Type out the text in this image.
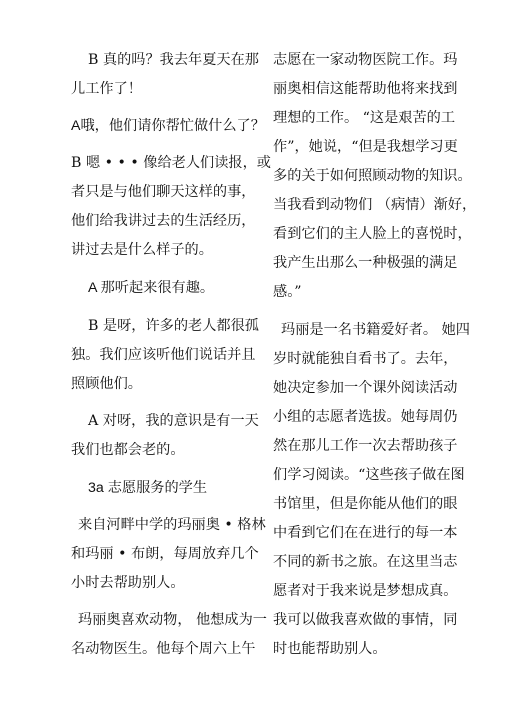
B 真的吗？我去年夏天在那
儿工作了！
A哦，他们请你帮忙做什么了？
B 嗯 • • • 像给老人们读报，或
者只是与他们聊天这样的事，
他们给我讲过去的生活经历，
讲过去是什么样子的。
A 那听起来很有趣。
B 是呀，许多的老人都很孤
独。我们应该听他们说话并且
照顾他们。
A 对呀，我的意识是有一天
我们也都会老的。
3a 志愿服务的学生
来自河畔中学的玛丽奥 • 格林
和玛丽 • 布朗，每周放弃几个
小时去帮助别人。
玛丽奥喜欢动物， 他想成为一
名动物医生。他每个周六上午
志愿在一家动物医院工作。玛
丽奥相信这能帮助他将来找到
理想的工作。 “这是艰苦的工
作”，她说，“但是我想学习更
多的关于如何照顾动物的知识。
当我看到动物们 （病情）渐好，
看到它们的主人脸上的喜悦时，
我产生出那么一种极强的满足
感。”
玛丽是一名书籍爱好者。 她四
岁时就能独自看书了。去年，
她决定参加一个课外阅读活动
小组的志愿者选拔。她每周仍
然在那儿工作一次去帮助孩子
们学习阅读。“这些孩子做在图
书馆里，但是你能从他们的眼
中看到它们在在进行的每一本
不同的新书之旅。在这里当志
愿者对于我来说是梦想成真。
我可以做我喜欢做的事情，同
时也能帮助别人。
